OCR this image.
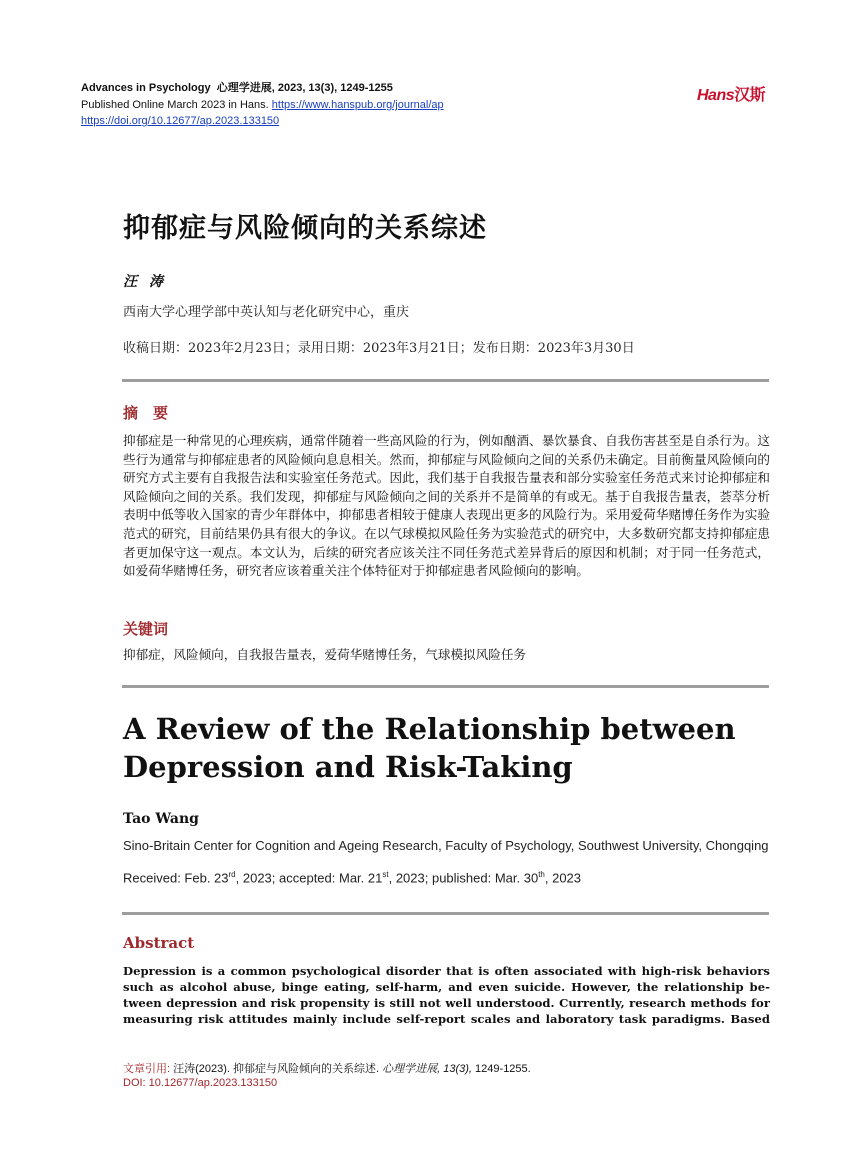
Advances in Psychology 心理学进展, 2023, 13(3), 1249-1255
Published Online March 2023 in Hans. https://www.hanspub.org/journal/ap
https://doi.org/10.12677/ap.2023.133150
Hans汉斯
抑郁症与风险倾向的关系综述
汪涛
西南大学心理学部中英认知与老化研究中心，重庆
收稿日期：2023年2月23日；录用日期：2023年3月21日；发布日期：2023年3月30日
摘　要
抑郁症是一种常见的心理疾病，通常伴随着一些高风险的行为，例如酗酒、暴饮暴食、自我伤害甚至是自杀行为。这些行为通常与抑郁症患者的风险倾向息息相关。然而，抑郁症与风险倾向之间的关系仍未确定。目前衡量风险倾向的研究方式主要有自我报告法和实验室任务范式。因此，我们基于自我报告量表和部分实验室任务范式来讨论抑郁症和风险倾向之间的关系。我们发现，抑郁症与风险倾向之间的关系并不是简单的有或无。基于自我报告量表，荟萃分析表明中低等收入国家的青少年群体中，抑郁患者相较于健康人表现出更多的风险行为。采用爱荷华赌博任务作为实验范式的研究，目前结果仍具有很大的争议。在以气球模拟风险任务为实验范式的研究中，大多数研究都支持抑郁症患者更加保守这一观点。本文认为，后续的研究者应该关注不同任务范式差异背后的原因和机制；对于同一任务范式，如爱荷华赌博任务，研究者应该着重关注个体特征对于抑郁症患者风险倾向的影响。
关键词
抑郁症，风险倾向，自我报告量表，爱荷华赌博任务，气球模拟风险任务
A Review of the Relationship between Depression and Risk-Taking
Tao Wang
Sino-Britain Center for Cognition and Ageing Research, Faculty of Psychology, Southwest University, Chongqing
Received: Feb. 23rd, 2023; accepted: Mar. 21st, 2023; published: Mar. 30th, 2023
Abstract
Depression is a common psychological disorder that is often associated with high-risk behaviors
such as alcohol abuse, binge eating, self-harm, and even suicide. However, the relationship be-
tween depression and risk propensity is still not well understood. Currently, research methods for
measuring risk attitudes mainly include self-report scales and laboratory task paradigms. Based
文章引用: 汪涛(2023). 抑郁症与风险倾向的关系综述. 心理学进展, 13(3), 1249-1255.
DOI: 10.12677/ap.2023.133150
